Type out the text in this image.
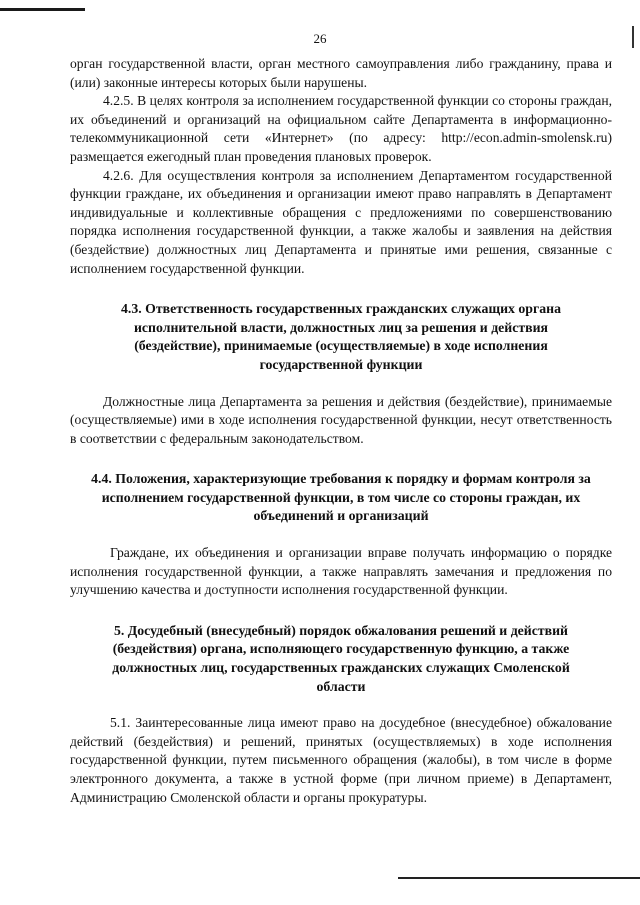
26

орган государственной власти, орган местного самоуправления либо гражданину, права и (или) законные интересы которых были нарушены.

4.2.5. В целях контроля за исполнением государственной функции со стороны граждан, их объединений и организаций на официальном сайте Департамента в информационно-телекоммуникационной сети «Интернет» (по адресу: http://econ.admin-smolensk.ru) размещается ежегодный план проведения плановых проверок.

4.2.6. Для осуществления контроля за исполнением Департаментом государственной функции граждане, их объединения и организации имеют право направлять в Департамент индивидуальные и коллективные обращения с предложениями по совершенствованию порядка исполнения государственной функции, а также жалобы и заявления на действия (бездействие) должностных лиц Департамента и принятые ими решения, связанные с исполнением государственной функции.

4.3. Ответственность государственных гражданских служащих органа исполнительной власти, должностных лиц за решения и действия (бездействие), принимаемые (осуществляемые) в ходе исполнения государственной функции

Должностные лица Департамента за решения и действия (бездействие), принимаемые (осуществляемые) ими в ходе исполнения государственной функции, несут ответственность в соответствии с федеральным законодательством.

4.4. Положения, характеризующие требования к порядку и формам контроля за исполнением государственной функции, в том числе со стороны граждан, их объединений и организаций

Граждане, их объединения и организации вправе получать информацию о порядке исполнения государственной функции, а также направлять замечания и предложения по улучшению качества и доступности исполнения государственной функции.

5. Досудебный (внесудебный) порядок обжалования решений и действий (бездействия) органа, исполняющего государственную функцию, а также должностных лиц, государственных гражданских служащих Смоленской области

5.1. Заинтересованные лица имеют право на досудебное (внесудебное) обжалование действий (бездействия) и решений, принятых (осуществляемых) в ходе исполнения государственной функции, путем письменного обращения (жалобы), в том числе в форме электронного документа, а также в устной форме (при личном приеме) в Департамент, Администрацию Смоленской области и органы прокуратуры.
